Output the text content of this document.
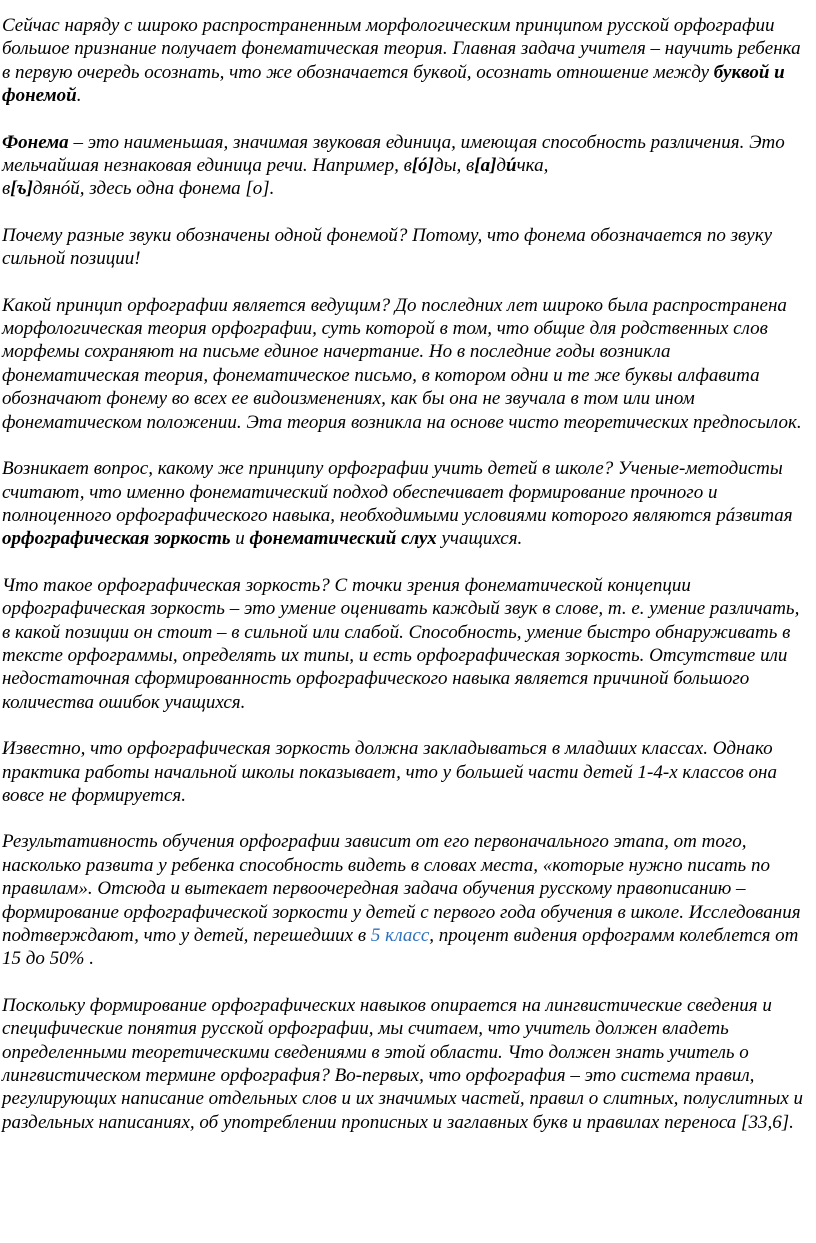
Сейчас наряду с широко распространенным морфологическим принципом русской орфографии большое признание получает фонематическая теория. Главная задача учителя – научить ребенка в первую очередь осознать, что же обозначается буквой, осознать отношение между буквой и фонемой.

Фонема – это наименьшая, значимая звуковая единица, имеющая способность различения. Это мельчайшая незнаковая единица речи. Например, в[ó]ды, в[а]дúчка,
в[ъ]дянóй, здесь одна фонема [о].

Почему разные звуки обозначены одной фонемой? Потому, что фонема обозначается по звуку сильной позиции!

Какой принцип орфографии является ведущим? До последних лет широко была распространена морфологическая теория орфографии, суть которой в том, что общие для родственных слов морфемы сохраняют на письме единое начертание. Но в последние годы возникла фонематическая теория, фонематическое письмо, в котором одни и те же буквы алфавита обозначают фонему во всех ее видоизменениях, как бы она не звучала в том или ином фонематическом положении. Эта теория возникла на основе чисто теоретических предпосылок.

Возникает вопрос, какому же принципу орфографии учить детей в школе? Ученые-методисты считают, что именно фонематический подход обеспечивает формирование прочного и полноценного орфографического навыка, необходимыми условиями которого являются рáзвитая орфографическая зоркость и фонематический слух учащихся.

Что такое орфографическая зоркость? С точки зрения фонематической концепции орфографическая зоркость – это умение оценивать каждый звук в слове, т. е. умение различать, в какой позиции он стоит – в сильной или слабой. Способность, умение быстро обнаруживать в тексте орфограммы, определять их типы, и есть орфографическая зоркость. Отсутствие или недостаточная сформированность орфографического навыка является причиной большого количества ошибок учащихся.

Известно, что орфографическая зоркость должна закладываться в младших классах. Однако практика работы начальной школы показывает, что у большей части детей 1-4-х классов она вовсе не формируется.

Результативность обучения орфографии зависит от его первоначального этапа, от того, насколько развита у ребенка способность видеть в словах места, «которые нужно писать по правилам». Отсюда и вытекает первоочередная задача обучения русскому правописанию – формирование орфографической зоркости у детей с первого года обучения в школе. Исследования подтверждают, что у детей, перешедших в 5 класс, процент видения орфограмм колеблется от 15 до 50% .

Поскольку формирование орфографических навыков опирается на лингвистические сведения и специфические понятия русской орфографии, мы считаем, что учитель должен владеть определенными теоретическими сведениями в этой области. Что должен знать учитель о лингвистическом термине орфография? Во-первых, что орфография – это система правил, регулирующих написание отдельных слов и их значимых частей, правил о слитных, полуслитных и раздельных написаниях, об употреблении прописных и заглавных букв и правилах переноса [33,6].
